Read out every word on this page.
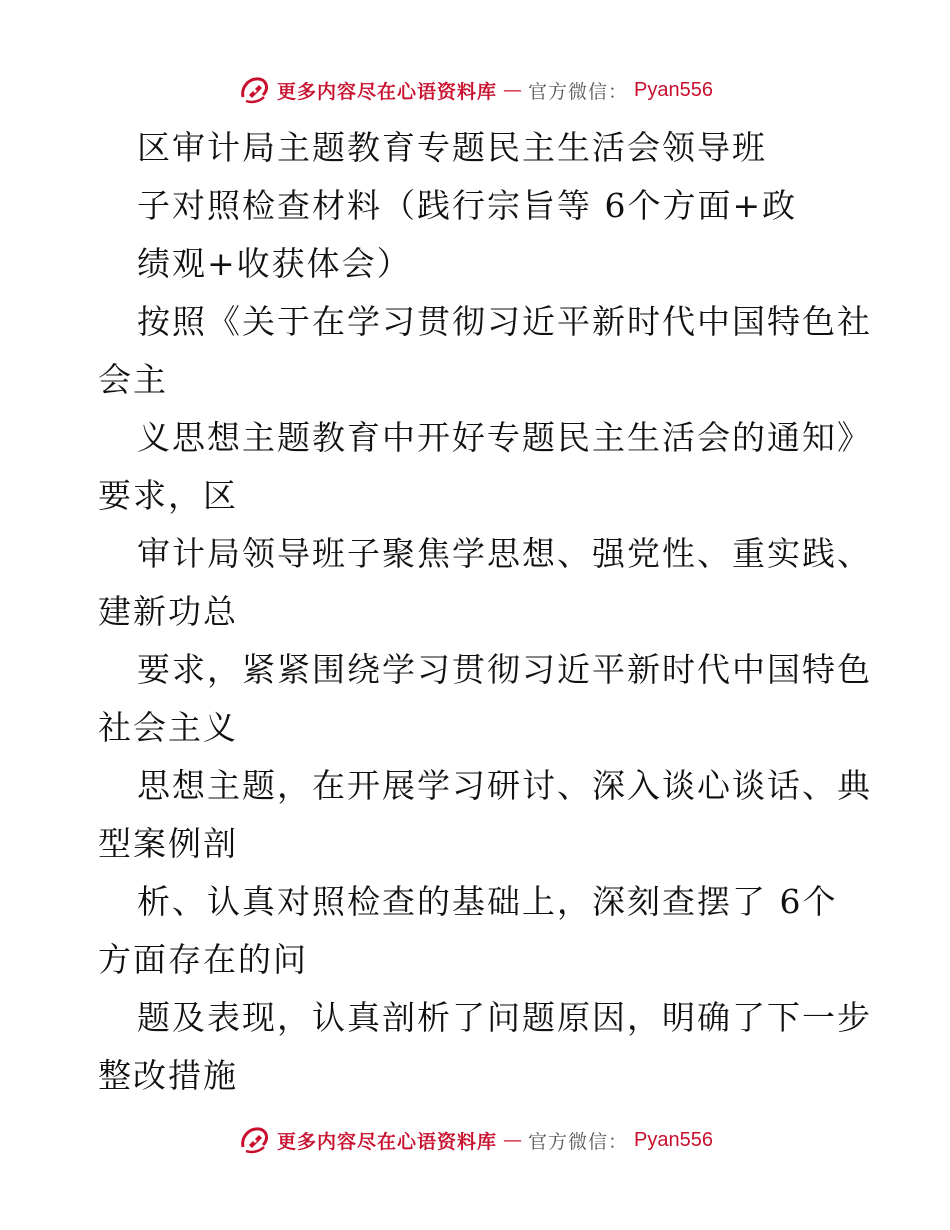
更多内容尽在心语资料库 — 官方微信： Pyan556
区审计局主题教育专题民主生活会领导班
子对照检查材料（践行宗旨等 6个方面+政
绩观+收获体会）
按照《关于在学习贯彻习近平新时代中国特色社
会主
义思想主题教育中开好专题民主生活会的通知》
要求，区
审计局领导班子聚焦学思想、强党性、重实践、
建新功总
要求，紧紧围绕学习贯彻习近平新时代中国特色
社会主义
思想主题，在开展学习研讨、深入谈心谈话、典
型案例剖
析、认真对照检查的基础上，深刻查摆了 6个
方面存在的问
题及表现，认真剖析了问题原因，明确了下一步
整改措施
更多内容尽在心语资料库 — 官方微信： Pyan556
